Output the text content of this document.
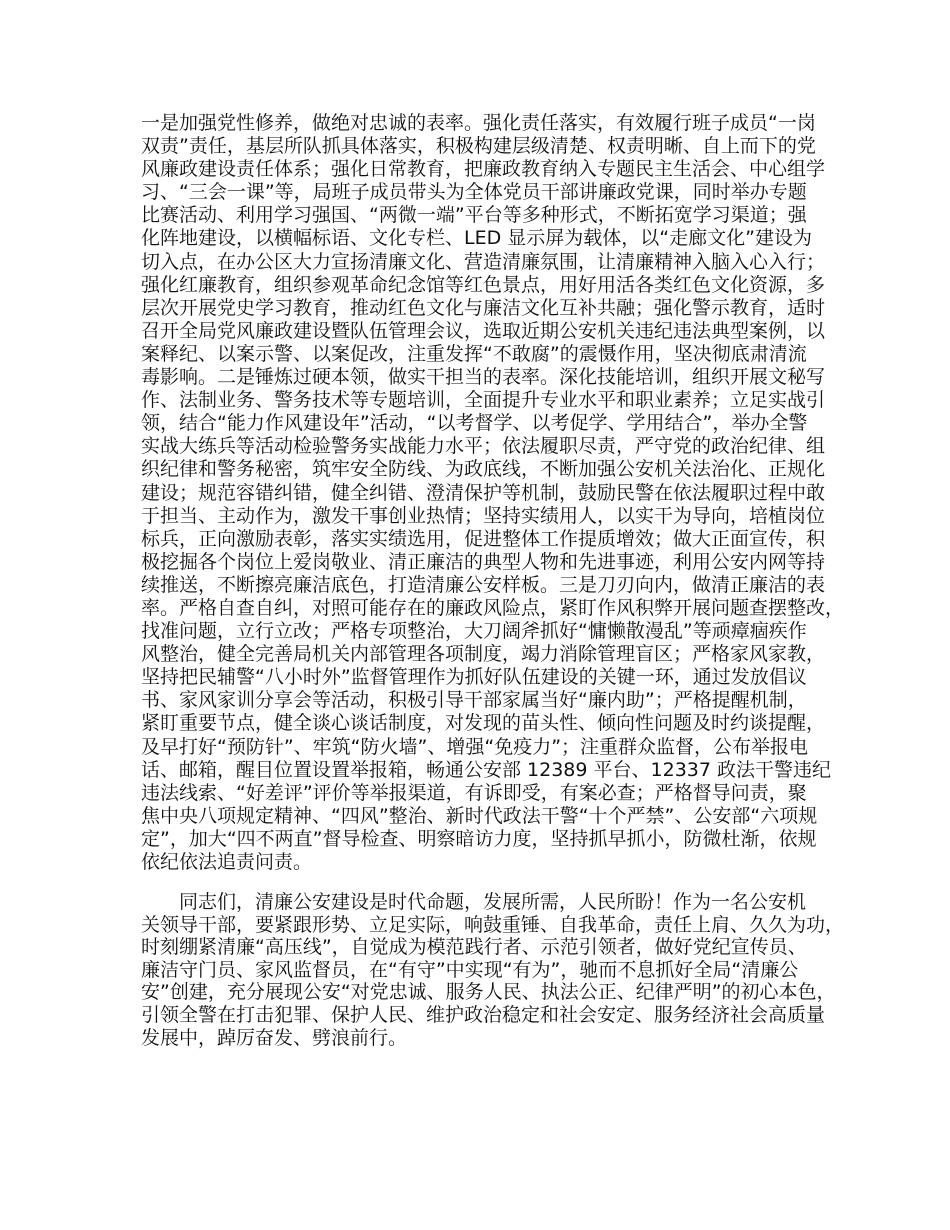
一是加强党性修养，做绝对忠诚的表率。强化责任落实，有效履行班子成员“一岗
双责”责任，基层所队抓具体落实，积极构建层级清楚、权责明晰、自上而下的党
风廉政建设责任体系；强化日常教育，把廉政教育纳入专题民主生活会、中心组学
习、“三会一课”等，局班子成员带头为全体党员干部讲廉政党课，同时举办专题
比赛活动、利用学习强国、“两微一端”平台等多种形式，不断拓宽学习渠道；强
化阵地建设，以横幅标语、文化专栏、LED 显示屏为载体，以“走廊文化”建设为
切入点，在办公区大力宣扬清廉文化、营造清廉氛围，让清廉精神入脑入心入行；
强化红廉教育，组织参观革命纪念馆等红色景点，用好用活各类红色文化资源，多
层次开展党史学习教育，推动红色文化与廉洁文化互补共融；强化警示教育，适时
召开全局党风廉政建设暨队伍管理会议，选取近期公安机关违纪违法典型案例，以
案释纪、以案示警、以案促改，注重发挥“不敢腐”的震慑作用，坚决彻底肃清流
毒影响。二是锤炼过硬本领，做实干担当的表率。深化技能培训，组织开展文秘写
作、法制业务、警务技术等专题培训，全面提升专业水平和职业素养；立足实战引
领，结合“能力作风建设年”活动，“以考督学、以考促学、学用结合”，举办全警
实战大练兵等活动检验警务实战能力水平；依法履职尽责，严守党的政治纪律、组
织纪律和警务秘密，筑牢安全防线、为政底线，不断加强公安机关法治化、正规化
建设；规范容错纠错，健全纠错、澄清保护等机制，鼓励民警在依法履职过程中敢
于担当、主动作为，激发干事创业热情；坚持实绩用人，以实干为导向，培植岗位
标兵，正向激励表彰，落实实绩选用，促进整体工作提质增效；做大正面宣传，积
极挖掘各个岗位上爱岗敬业、清正廉洁的典型人物和先进事迹，利用公安内网等持
续推送，不断擦亮廉洁底色，打造清廉公安样板。三是刀刃向内，做清正廉洁的表
率。严格自查自纠，对照可能存在的廉政风险点，紧盯作风积弊开展问题查摆整改，
找准问题，立行立改；严格专项整治，大刀阔斧抓好“慵懒散漫乱”等顽瘴痼疾作
风整治，健全完善局机关内部管理各项制度，竭力消除管理盲区；严格家风家教，
坚持把民辅警“八小时外”监督管理作为抓好队伍建设的关键一环，通过发放倡议
书、家风家训分享会等活动，积极引导干部家属当好“廉内助”；严格提醒机制，
紧盯重要节点，健全谈心谈话制度，对发现的苗头性、倾向性问题及时约谈提醒，
及早打好“预防针”、牢筑“防火墙”、增强“免疫力”；注重群众监督，公布举报电
话、邮箱，醒目位置设置举报箱，畅通公安部 12389 平台、12337 政法干警违纪
违法线索、“好差评”评价等举报渠道，有诉即受，有案必查；严格督导问责，聚
焦中央八项规定精神、“四风”整治、新时代政法干警“十个严禁”、公安部“六项规
定”，加大“四不两直”督导检查、明察暗访力度，坚持抓早抓小，防微杜渐，依规
依纪依法追责问责。
同志们，清廉公安建设是时代命题，发展所需，人民所盼！作为一名公安机
关领导干部，要紧跟形势、立足实际，响鼓重锤、自我革命，责任上肩、久久为功，
时刻绷紧清廉“高压线”，自觉成为模范践行者、示范引领者，做好党纪宣传员、
廉洁守门员、家风监督员，在“有守”中实现“有为”，驰而不息抓好全局“清廉公
安”创建，充分展现公安“对党忠诚、服务人民、执法公正、纪律严明”的初心本色，
引领全警在打击犯罪、保护人民、维护政治稳定和社会安定、服务经济社会高质量
发展中，踔厉奋发、劈浪前行。
